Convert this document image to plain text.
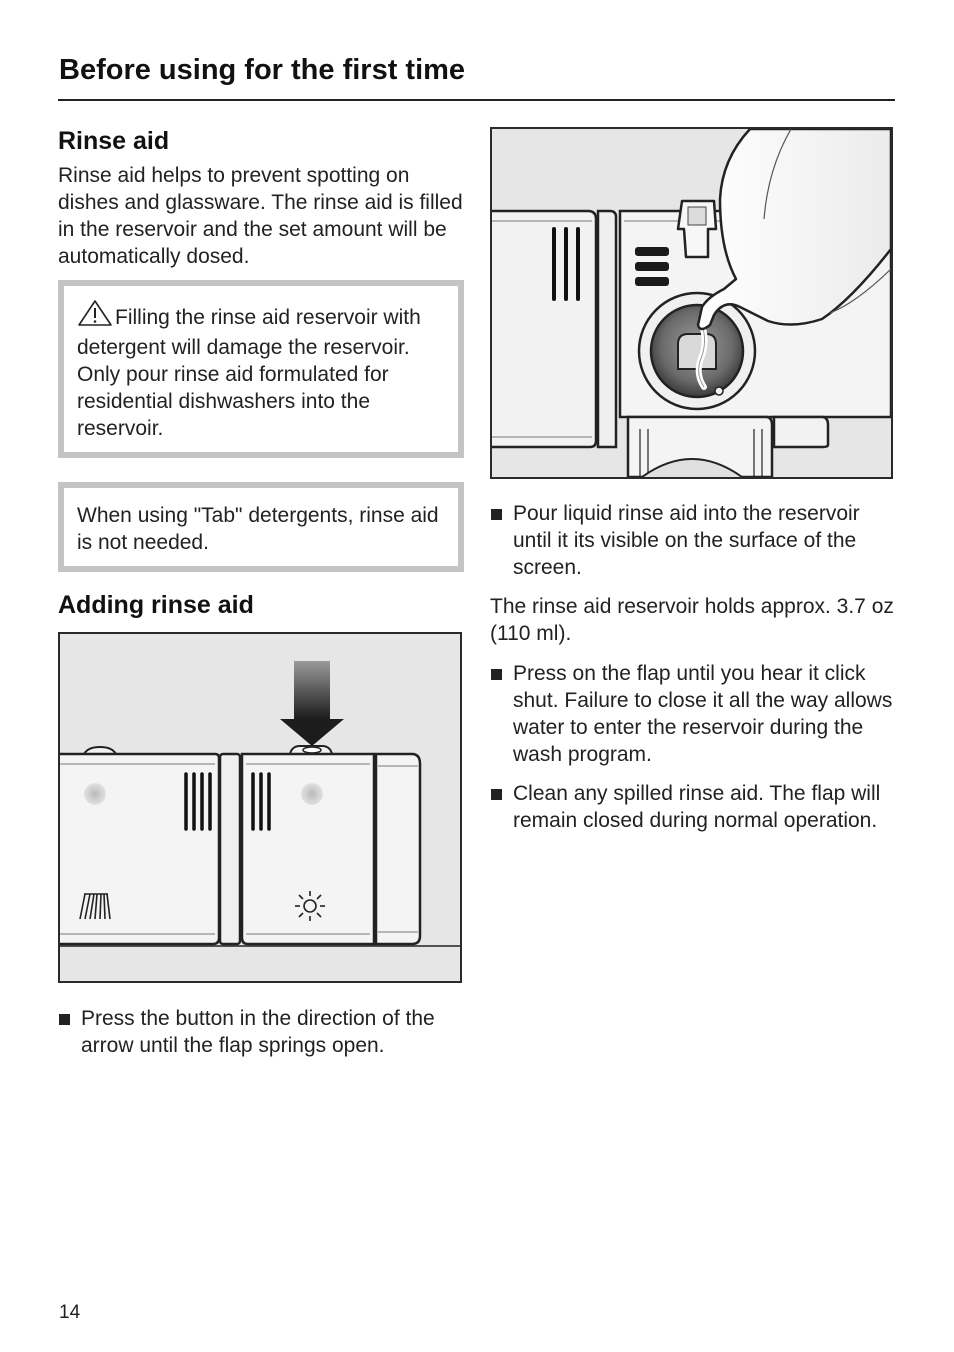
Before using for the first time
Rinse aid

Rinse aid helps to prevent spotting on dishes and glassware. The rinse aid is filled in the reservoir and the set amount will be automatically dosed.

Filling the rinse aid reservoir with detergent will damage the reservoir. Only pour rinse aid formulated for residential dishwashers into the reservoir.

When using "Tab" detergents, rinse aid is not needed.

Adding rinse aid
Press the button in the direction of the arrow until the flap springs open.
Pour liquid rinse aid into the reservoir until it its visible on the surface of the screen.

The rinse aid reservoir holds approx. 3.7 oz (110 ml).

Press on the flap until you hear it click shut. Failure to close it all the way allows water to enter the reservoir during the wash program.
Clean any spilled rinse aid. The flap will remain closed during normal operation.
14
